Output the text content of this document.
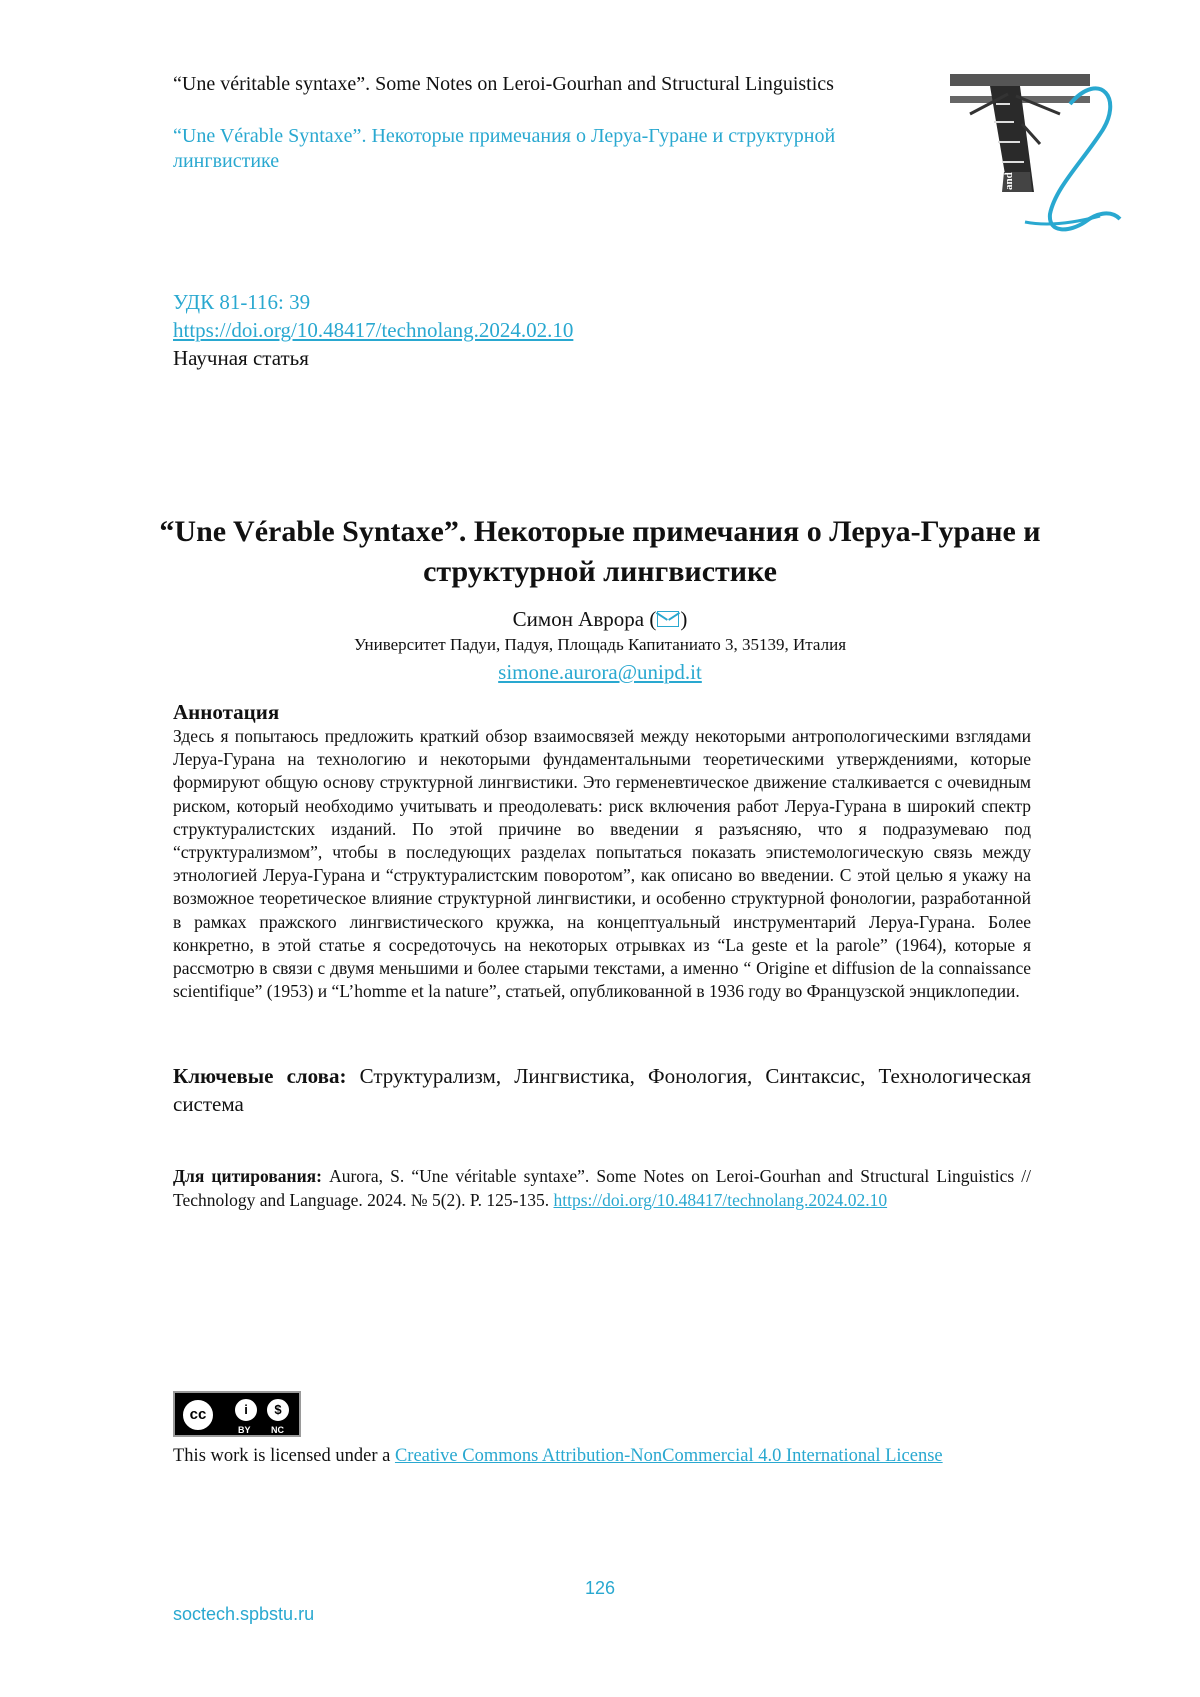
“Une véritable syntaxe”. Some Notes on Leroi-Gourhan and Structural Linguistics
“Une Vérable Syntaxe”. Некоторые примечания о Леруа-Гуране и структурной лингвистике
and
УДК 81-116: 39
https://doi.org/10.48417/technolang.2024.02.10
Научная статья
“Une Vérable Syntaxe”. Некоторые примечания о Леруа-Гуране и структурной лингвистике
Симон Аврора ( )
Университет Падуи, Падуя, Площадь Капитаниато 3, 35139, Италия
simone.aurora@unipd.it
Аннотация
Здесь я попытаюсь предложить краткий обзор взаимосвязей между некоторыми антропологическими взглядами Леруа-Гурана на технологию и некоторыми фундаментальными теоретическими утверждениями, которые формируют общую основу структурной лингвистики. Это герменевтическое движение сталкивается с очевидным риском, который необходимо учитывать и преодолевать: риск включения работ Леруа-Гурана в широкий спектр структуралистских изданий. По этой причине во введении я разъясняю, что я подразумеваю под “структурализмом”, чтобы в последующих разделах попытаться показать эпистемологическую связь между этнологией Леруа-Гурана и “структуралистским поворотом”, как описано во введении. С этой целью я укажу на возможное теоретическое влияние структурной лингвистики, и особенно структурной фонологии, разработанной в рамках пражского лингвистического кружка, на концептуальный инструментарий Леруа-Гурана. Более конкретно, в этой статье я сосредоточусь на некоторых отрывках из “La geste et la parole” (1964), которые я рассмотрю в связи с двумя меньшими и более старыми текстами, а именно “ Origine et diffusion de la connaissance scientifique” (1953) и “L’homme et la nature”, статьей, опубликованной в 1936 году во Французской энциклопедии.
Ключевые слова: Структурализм, Лингвистика, Фонология, Синтаксис, Технологическая система
Для цитирования: Aurora, S. “Une véritable syntaxe”. Some Notes on Leroi-Gourhan and Structural Linguistics // Technology and Language. 2024. № 5(2). P. 125-135. https://doi.org/10.48417/technolang.2024.02.10
cc	i	$
BY NC
This work is licensed under a Creative Commons Attribution-NonCommercial 4.0 International License
126
soctech.spbstu.ru
